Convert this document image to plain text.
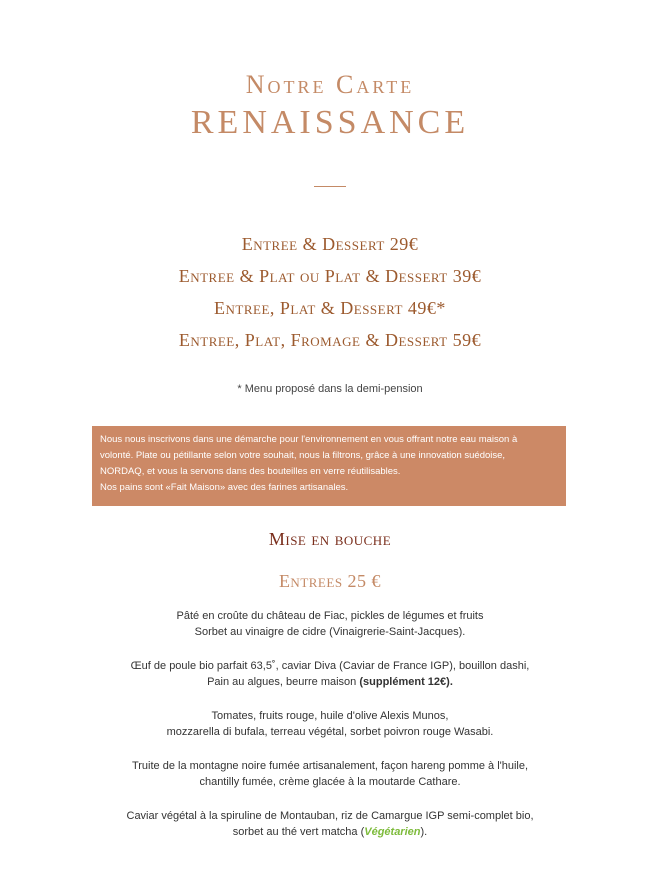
Notre Carte
RENAISSANCE
Entree & Dessert 29€
Entree & Plat ou Plat & Dessert 39€
Entree, Plat & Dessert 49€*
Entree, Plat, Fromage & Dessert 59€
* Menu proposé dans la demi-pension
Nous nous inscrivons dans une démarche pour l'environnement en vous offrant notre eau maison à
volonté. Plate ou pétillante selon votre souhait, nous la filtrons, grâce à une innovation suédoise,
NORDAQ, et vous la servons dans des bouteilles en verre réutilisables.
Nos pains sont «Fait Maison» avec des farines artisanales.
Mise en bouche
Entrees 25 €
Pâté en croûte du château de Fiac, pickles de légumes et fruits
Sorbet au vinaigre de cidre (Vinaigrerie-Saint-Jacques).
Œuf de poule bio parfait 63,5˚, caviar Diva (Caviar de France IGP), bouillon dashi,
Pain au algues, beurre maison (supplément 12€).
Tomates, fruits rouge, huile d'olive Alexis Munos,
mozzarella di bufala, terreau végétal, sorbet poivron rouge Wasabi.
Truite de la montagne noire fumée artisanalement, façon hareng pomme à l'huile,
chantilly fumée, crème glacée à la moutarde Cathare.
Caviar végétal à la spiruline de Montauban, riz de Camargue IGP semi-complet bio,
sorbet au thé vert matcha (Végétarien).
